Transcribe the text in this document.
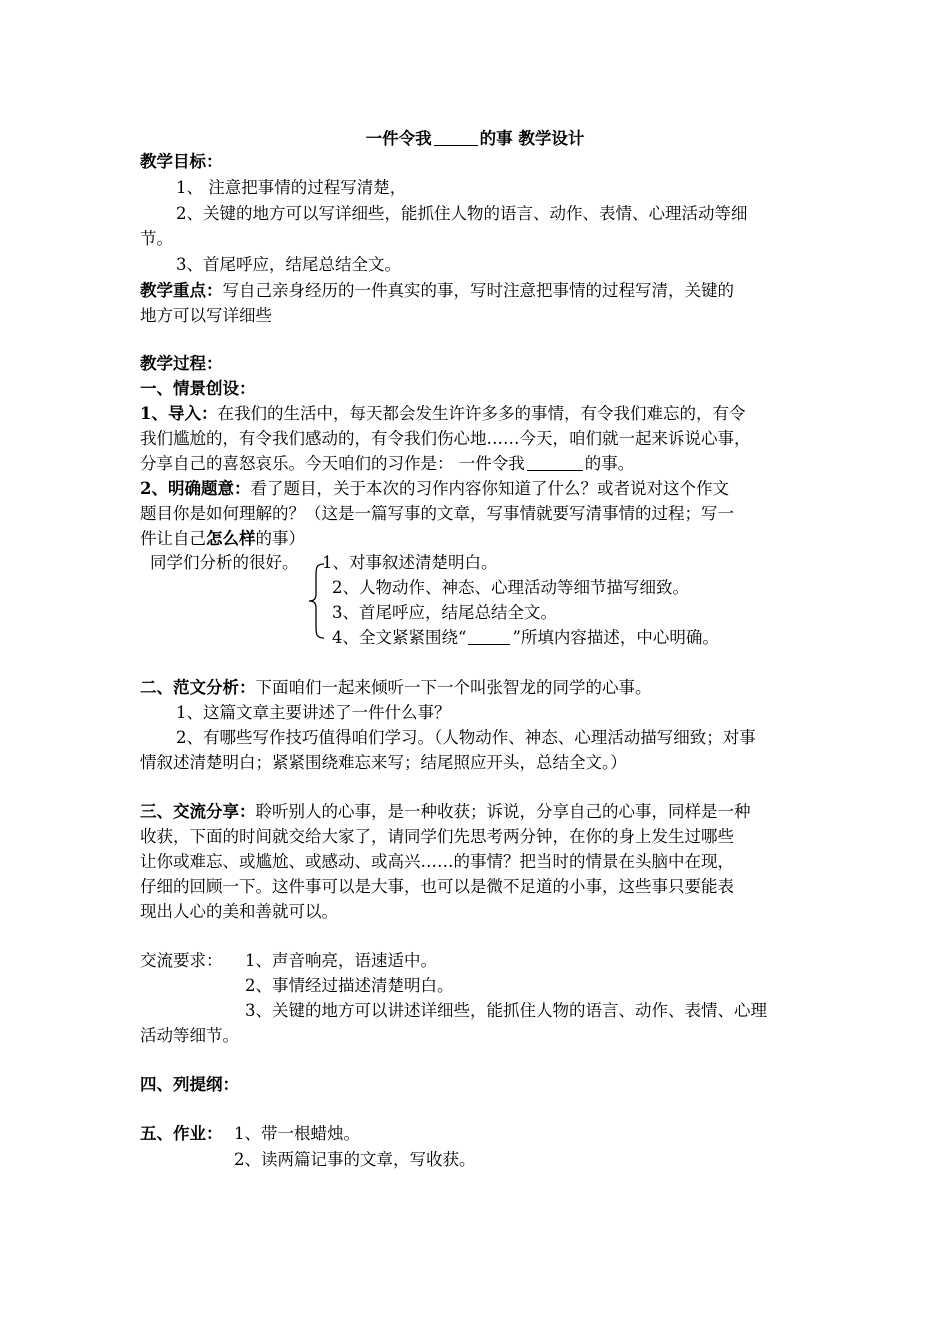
一件令我	的事 教学设计
教学目标：
1、 注意把事情的过程写清楚，
2、关键的地方可以写详细些，能抓住人物的语言、动作、表情、心理活动等细
节。
3、首尾呼应，结尾总结全文。
教学重点：写自己亲身经历的一件真实的事，写时注意把事情的过程写清，关键的
地方可以写详细些
教学过程：
一、情景创设：
1、导入：在我们的生活中，每天都会发生许许多多的事情，有令我们难忘的，有令
我们尴尬的，有令我们感动的，有令我们伤心地……今天，咱们就一起来诉说心事，
分享自己的喜怒哀乐。今天咱们的习作是： 一件令我	的事。
2、明确题意：看了题目，关于本次的习作内容你知道了什么？或者说对这个作文
题目你是如何理解的？（这是一篇写事的文章，写事情就要写清事情的过程；写一
件让自己怎么样的事）
同学们分析的很好。 1、对事叙述清楚明白。
2、人物动作、神态、心理活动等细节描写细致。
3、首尾呼应，结尾总结全文。
4、全文紧紧围绕“	”所填内容描述，中心明确。
二、范文分析：下面咱们一起来倾听一下一个叫张智龙的同学的心事。
1、这篇文章主要讲述了一件什么事？
2、有哪些写作技巧值得咱们学习。（人物动作、神态、心理活动描写细致；对事
情叙述清楚明白；紧紧围绕难忘来写；结尾照应开头，总结全文。）
三、交流分享：聆听别人的心事，是一种收获；诉说，分享自己的心事，同样是一种
收获，下面的时间就交给大家了，请同学们先思考两分钟，在你的身上发生过哪些
让你或难忘、或尴尬、或感动、或高兴……的事情？把当时的情景在头脑中在现，
仔细的回顾一下。这件事可以是大事，也可以是微不足道的小事，这些事只要能表
现出人心的美和善就可以。
交流要求： 1、声音响亮，语速适中。
2、事情经过描述清楚明白。
3、关键的地方可以讲述详细些，能抓住人物的语言、动作、表情、心理
活动等细节。
四、列提纲：
五、作业： 1、带一根蜡烛。
2、读两篇记事的文章，写收获。
